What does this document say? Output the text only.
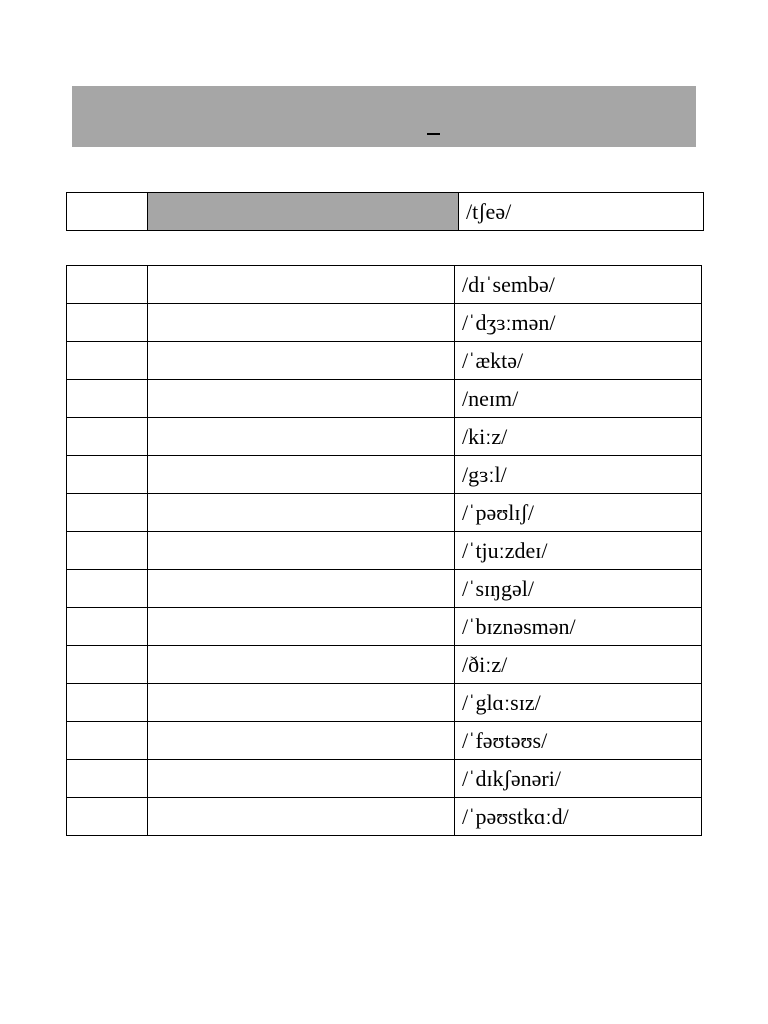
		/tʃeə/
		/dɪˈsembə/
		/ˈdʒɜːmən/
		/ˈæktə/
		/neɪm/
		/kiːz/
		/gɜːl/
		/ˈpəʊlɪʃ/
		/ˈtjuːzdeɪ/
		/ˈsɪŋgəl/
		/ˈbɪznəsmən/
		/ðiːz/
		/ˈglɑːsɪz/
		/ˈfəʊtəʊs/
		/ˈdɪkʃənəri/
		/ˈpəʊstkɑːd/
